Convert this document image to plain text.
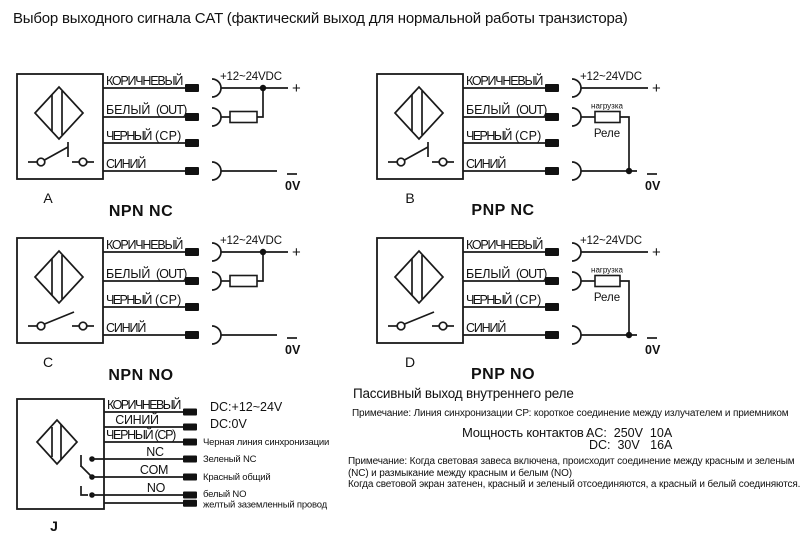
Выбор выходного сигнала CAT (фактический выход для нормальной работы транзистора)
КОРИЧНЕВЫЙ
БЕЛЫЙ (OUT)
ЧЕРНЫЙ (СР)
СИНИЙ
+12~24VDC
+
0V
A
NPN NC
КОРИЧНЕВЫЙ
БЕЛЫЙ (OUT)
ЧЕРНЫЙ (СР)
СИНИЙ
+12~24VDC
+
нагрузка
Реле
0V
B
PNP NC
КОРИЧНЕВЫЙ
БЕЛЫЙ (OUT)
ЧЕРНЫЙ (СР)
СИНИЙ
+12~24VDC
+
0V
C
NPN NO
КОРИЧНЕВЫЙ
БЕЛЫЙ (OUT)
ЧЕРНЫЙ (СР)
СИНИЙ
+12~24VDC
+
нагрузка
Реле
0V
D
PNP NO
КОРИЧНЕВЫЙ
СИНИЙ
ЧЕРНЫЙ (СР)
NC
COM
NO
DC:+12~24V
DC:0V
Черная линия синхронизации
Зеленый NC
Красный общий
белый NO
желтый заземленный провод
J
Пассивный выход внутреннего реле
Примечание: Линия синхронизации СР: короткое соединение между излучателем и приемником
Мощность контактов :
AC:  250V  10A
DC:  30V   16A
Примечание: Когда световая завеса включена, происходит соединение между красным и зеленым
(NC) и размыкание между красным и белым (NO)
Когда световой экран затенен, красный и зеленый отсоединяются, а красный и белый соединяются.
